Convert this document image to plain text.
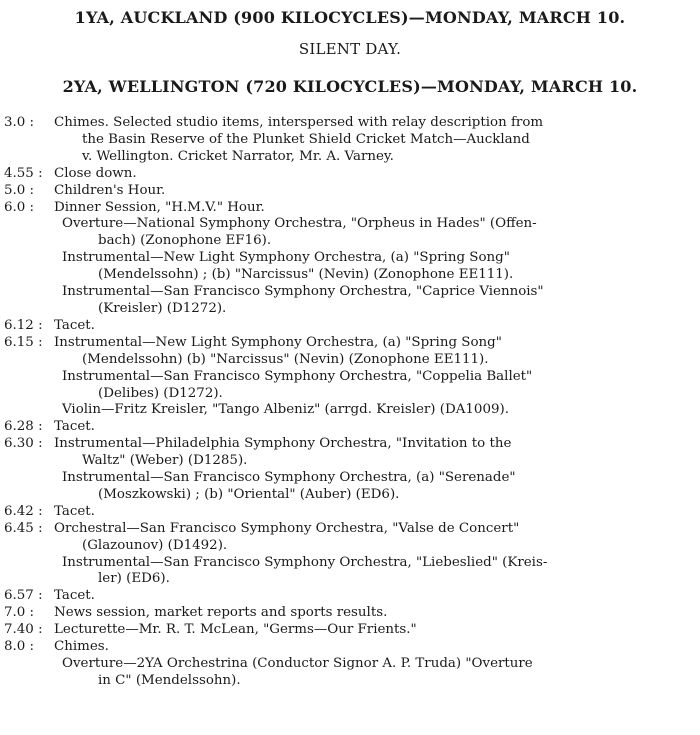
1YA, AUCKLAND (900 KILOCYCLES)—MONDAY, MARCH 10.
SILENT DAY.
2YA, WELLINGTON (720 KILOCYCLES)—MONDAY, MARCH 10.
3.0 :	Chimes. Selected studio items, interspersed with relay description from
the Basin Reserve of the Plunket Shield Cricket Match—Auckland
v. Wellington. Cricket Narrator, Mr. A. Varney.
4.55 : Close down.
5.0 :	Children's Hour.
6.0 :	Dinner Session, "H.M.V." Hour.
Overture—National Symphony Orchestra, "Orpheus in Hades" (Offen-
bach) (Zonophone EF16).
Instrumental—New Light Symphony Orchestra, (a) "Spring Song"
(Mendelssohn) ; (b) "Narcissus" (Nevin) (Zonophone EE111).
Instrumental—San Francisco Symphony Orchestra, "Caprice Viennois"
(Kreisler) (D1272).
6.12 : Tacet.
6.15 : Instrumental—New Light Symphony Orchestra, (a) "Spring Song"
(Mendelssohn) (b) "Narcissus" (Nevin) (Zonophone EE111).
Instrumental—San Francisco Symphony Orchestra, "Coppelia Ballet"
(Delibes) (D1272).
Violin—Fritz Kreisler, "Tango Albeniz" (arrgd. Kreisler) (DA1009).
6.28 : Tacet.
6.30 : Instrumental—Philadelphia Symphony Orchestra, "Invitation to the
Waltz" (Weber) (D1285).
Instrumental—San Francisco Symphony Orchestra, (a) "Serenade"
(Moszkowski) ; (b) "Oriental" (Auber) (ED6).
6.42 : Tacet.
6.45 : Orchestral—San Francisco Symphony Orchestra, "Valse de Concert"
(Glazounov) (D1492).
Instrumental—San Francisco Symphony Orchestra, "Liebeslied" (Kreis-
ler) (ED6).
6.57 : Tacet.
7.0 :	News session, market reports and sports results.
7.40 : Lecturette—Mr. R. T. McLean, "Germs—Our Frients."
8.0 :	Chimes.
Overture—2YA Orchestrina (Conductor Signor A. P. Truda) "Overture
in C" (Mendelssohn).
